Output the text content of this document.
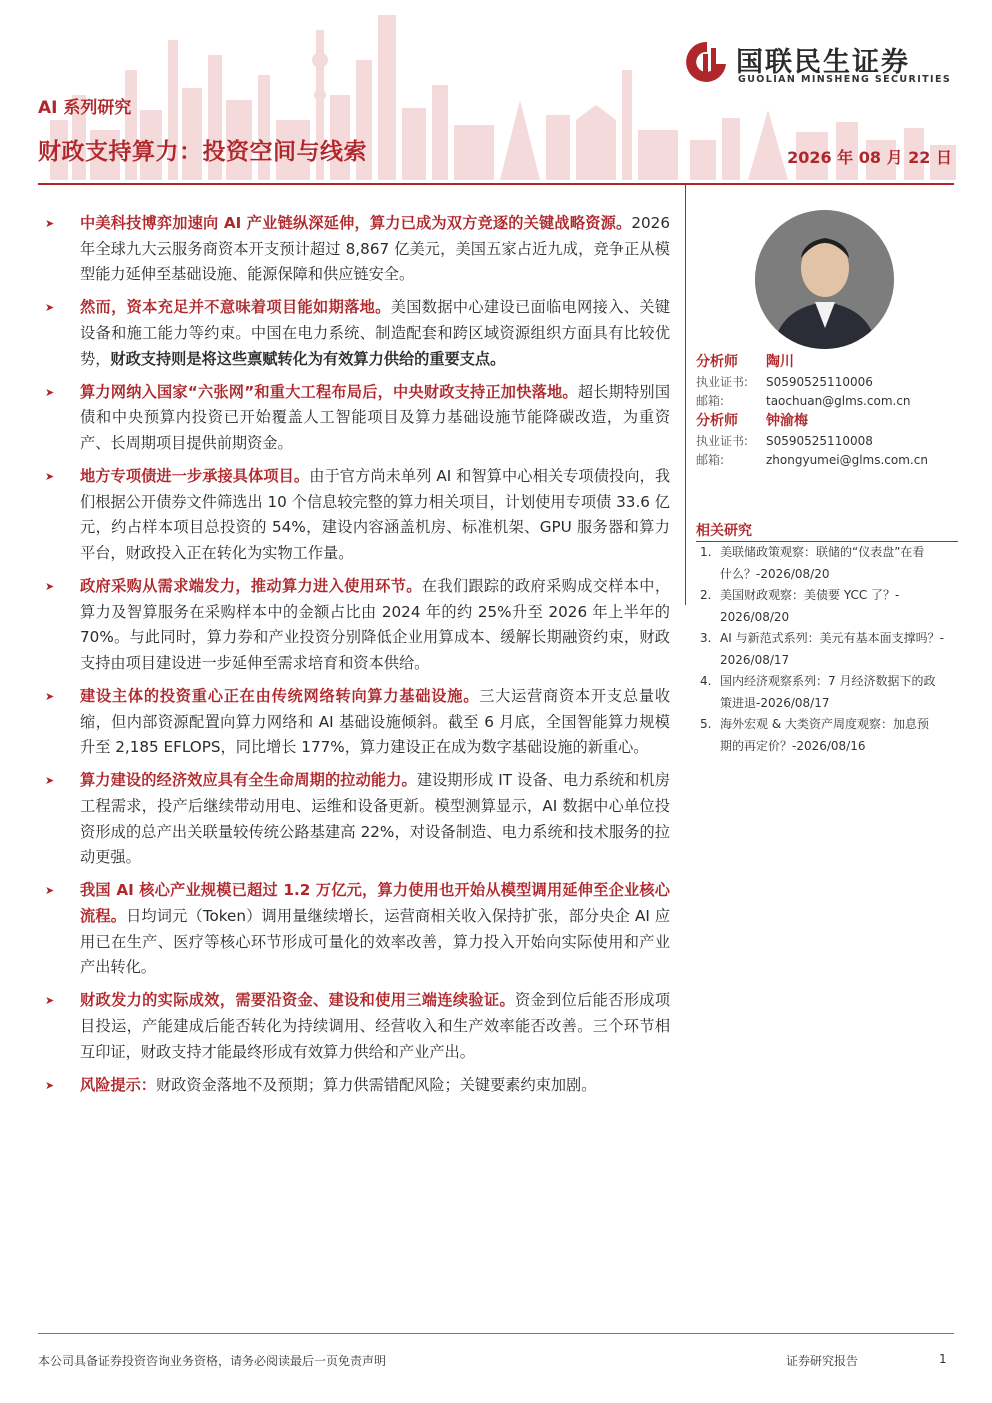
国联民生证券
GUOLIAN MINSHENG SECURITIES
AI 系列研究
财政支持算力：投资空间与线索	2026 年 08 月 22 日
➤ 中美科技博弈加速向 AI 产业链纵深延伸，算力已成为双方竞逐的关键战略资源。2026 年全球九大云服务商资本开支预计超过 8,867 亿美元，美国五家占近九成，竞争正从模型能力延伸至基础设施、能源保障和供应链安全。
➤ 然而，资本充足并不意味着项目能如期落地。美国数据中心建设已面临电网接入、关键设备和施工能力等约束。中国在电力系统、制造配套和跨区域资源组织方面具有比较优势，财政支持则是将这些禀赋转化为有效算力供给的重要支点。
➤ 算力网纳入国家“六张网”和重大工程布局后，中央财政支持正加快落地。超长期特别国债和中央预算内投资已开始覆盖人工智能项目及算力基础设施节能降碳改造，为重资产、长周期项目提供前期资金。
➤ 地方专项债进一步承接具体项目。由于官方尚未单列 AI 和智算中心相关专项债投向，我们根据公开债券文件筛选出 10 个信息较完整的算力相关项目，计划使用专项债 33.6 亿元，约占样本项目总投资的 54%，建设内容涵盖机房、标准机架、GPU 服务器和算力平台，财政投入正在转化为实物工作量。
➤ 政府采购从需求端发力，推动算力进入使用环节。在我们跟踪的政府采购成交样本中，算力及智算服务在采购样本中的金额占比由 2024 年的约 25%升至 2026 年上半年的 70%。与此同时，算力券和产业投资分别降低企业用算成本、缓解长期融资约束，财政支持由项目建设进一步延伸至需求培育和资本供给。
➤ 建设主体的投资重心正在由传统网络转向算力基础设施。三大运营商资本开支总量收缩，但内部资源配置向算力网络和 AI 基础设施倾斜。截至 6 月底，全国智能算力规模升至 2,185 EFLOPS，同比增长 177%，算力建设正在成为数字基础设施的新重心。
➤ 算力建设的经济效应具有全生命周期的拉动能力。建设期形成 IT 设备、电力系统和机房工程需求，投产后继续带动用电、运维和设备更新。模型测算显示，AI 数据中心单位投资形成的总产出关联量较传统公路基建高 22%，对设备制造、电力系统和技术服务的拉动更强。
➤ 我国 AI 核心产业规模已超过 1.2 万亿元，算力使用也开始从模型调用延伸至企业核心流程。日均词元（Token）调用量继续增长，运营商相关收入保持扩张，部分央企 AI 应用已在生产、医疗等核心环节形成可量化的效率改善，算力投入开始向实际使用和产业产出转化。
➤ 财政发力的实际成效，需要沿资金、建设和使用三端连续验证。资金到位后能否形成项目投运，产能建成后能否转化为持续调用、经营收入和生产效率能否改善。三个环节相互印证，财政支持才能最终形成有效算力供给和产业产出。
➤ 风险提示：财政资金落地不及预期；算力供需错配风险；关键要素约束加剧。
分析师 陶川
执业证书: S0590525110006
邮箱:	taochuan@glms.com.cn
分析师 钟渝梅
执业证书: S0590525110008
邮箱:	zhongyumei@glms.com.cn
相关研究
1. 美联储政策观察：联储的“仪表盘”在看
什么？-2026/08/20
2. 美国财政观察：美债要 YCC 了？-
2026/08/20
3. AI 与新范式系列：美元有基本面支撑吗？-
2026/08/17
4. 国内经济观察系列：7 月经济数据下的政
策进退-2026/08/17
5. 海外宏观 & 大类资产周度观察：加息预
期的再定价？-2026/08/16
本公司具备证券投资咨询业务资格，请务必阅读最后一页免责声明	证券研究报告	1
